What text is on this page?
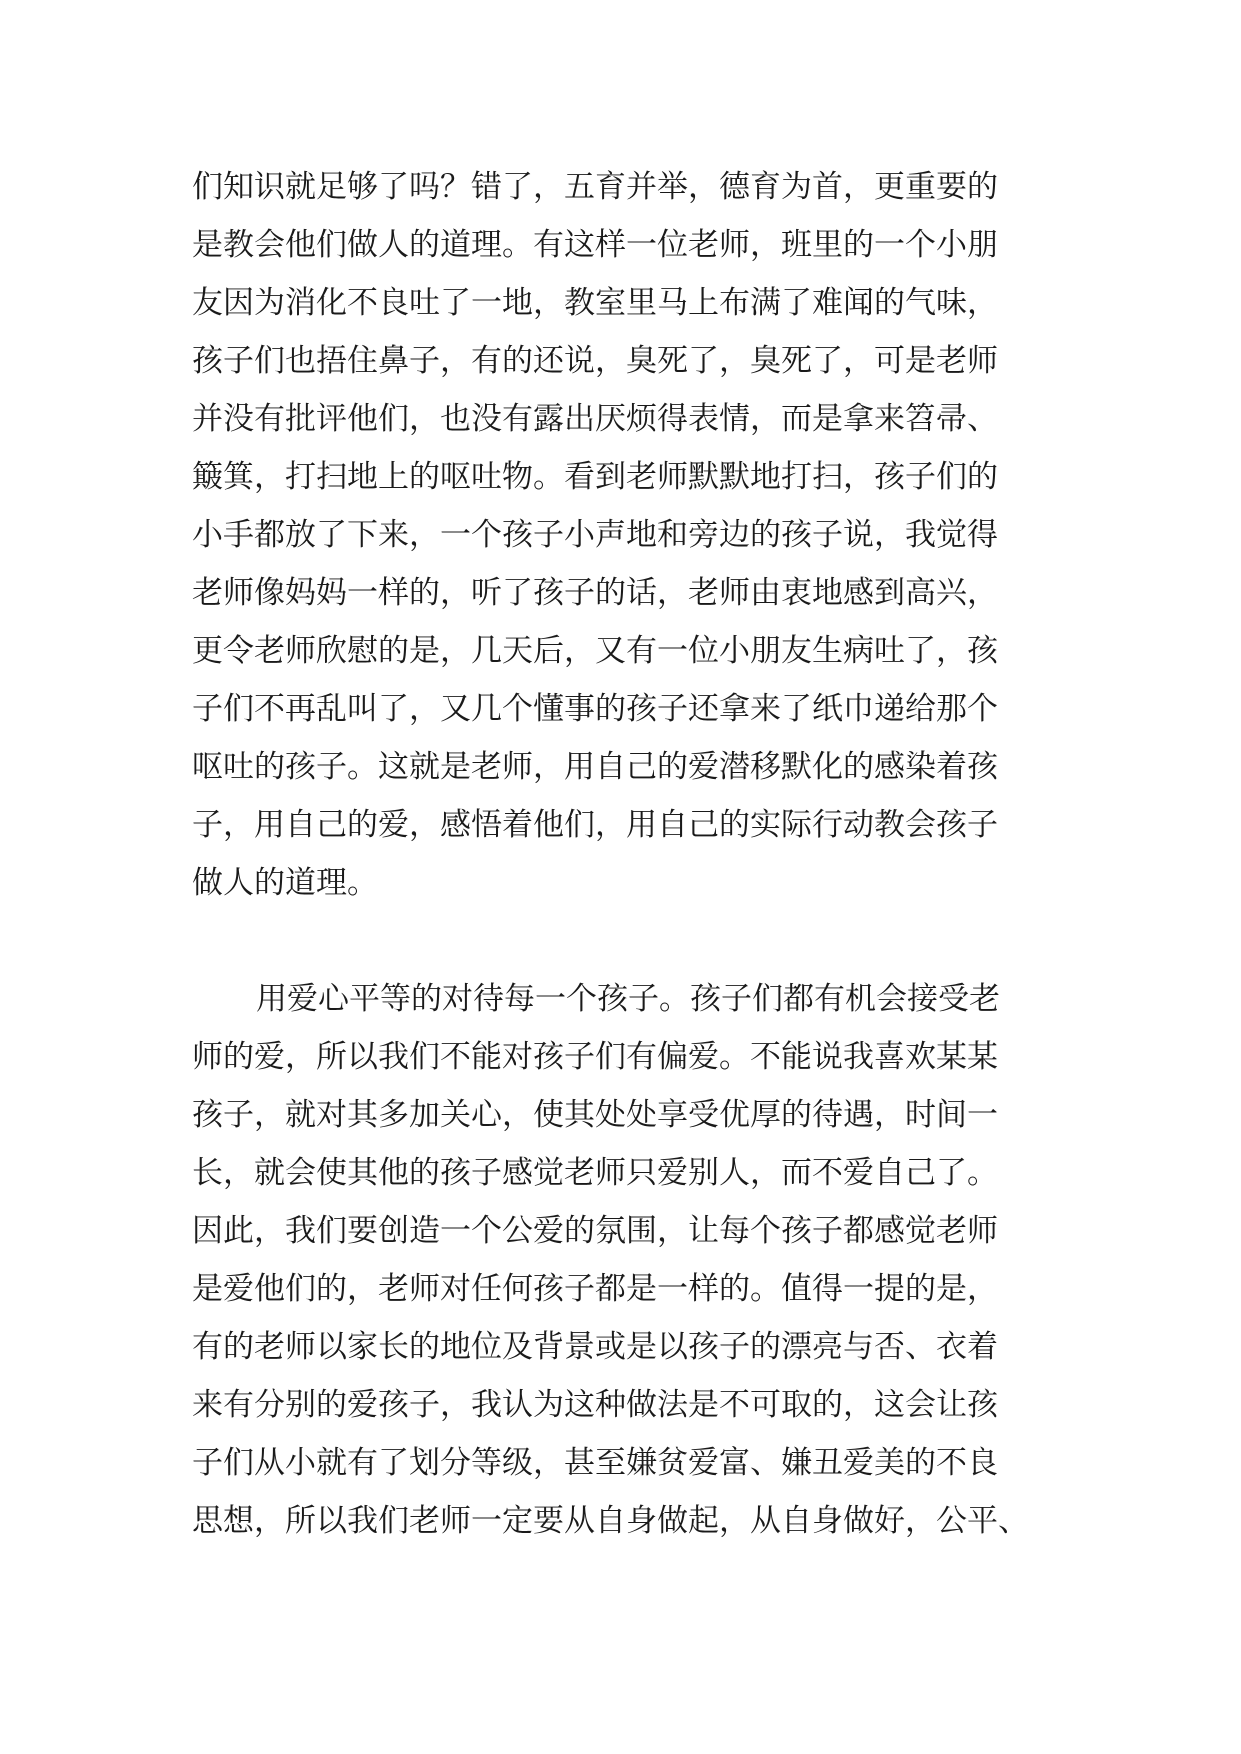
们知识就足够了吗？错了，五育并举，德育为首，更重要的
是教会他们做人的道理。有这样一位老师，班里的一个小朋
友因为消化不良吐了一地，教室里马上布满了难闻的气味，
孩子们也捂住鼻子，有的还说，臭死了，臭死了，可是老师
并没有批评他们，也没有露出厌烦得表情，而是拿来笤帚、
簸箕，打扫地上的呕吐物。看到老师默默地打扫，孩子们的
小手都放了下来，一个孩子小声地和旁边的孩子说，我觉得
老师像妈妈一样的，听了孩子的话，老师由衷地感到高兴，
更令老师欣慰的是，几天后，又有一位小朋友生病吐了，孩
子们不再乱叫了，又几个懂事的孩子还拿来了纸巾递给那个
呕吐的孩子。这就是老师，用自己的爱潜移默化的感染着孩
子，用自己的爱，感悟着他们，用自己的实际行动教会孩子
做人的道理。
用爱心平等的对待每一个孩子。孩子们都有机会接受老
师的爱，所以我们不能对孩子们有偏爱。不能说我喜欢某某
孩子，就对其多加关心，使其处处享受优厚的待遇，时间一
长，就会使其他的孩子感觉老师只爱别人，而不爱自己了。
因此，我们要创造一个公爱的氛围，让每个孩子都感觉老师
是爱他们的，老师对任何孩子都是一样的。值得一提的是，
有的老师以家长的地位及背景或是以孩子的漂亮与否、衣着
来有分别的爱孩子，我认为这种做法是不可取的，这会让孩
子们从小就有了划分等级，甚至嫌贫爱富、嫌丑爱美的不良
思想，所以我们老师一定要从自身做起，从自身做好，公平、
